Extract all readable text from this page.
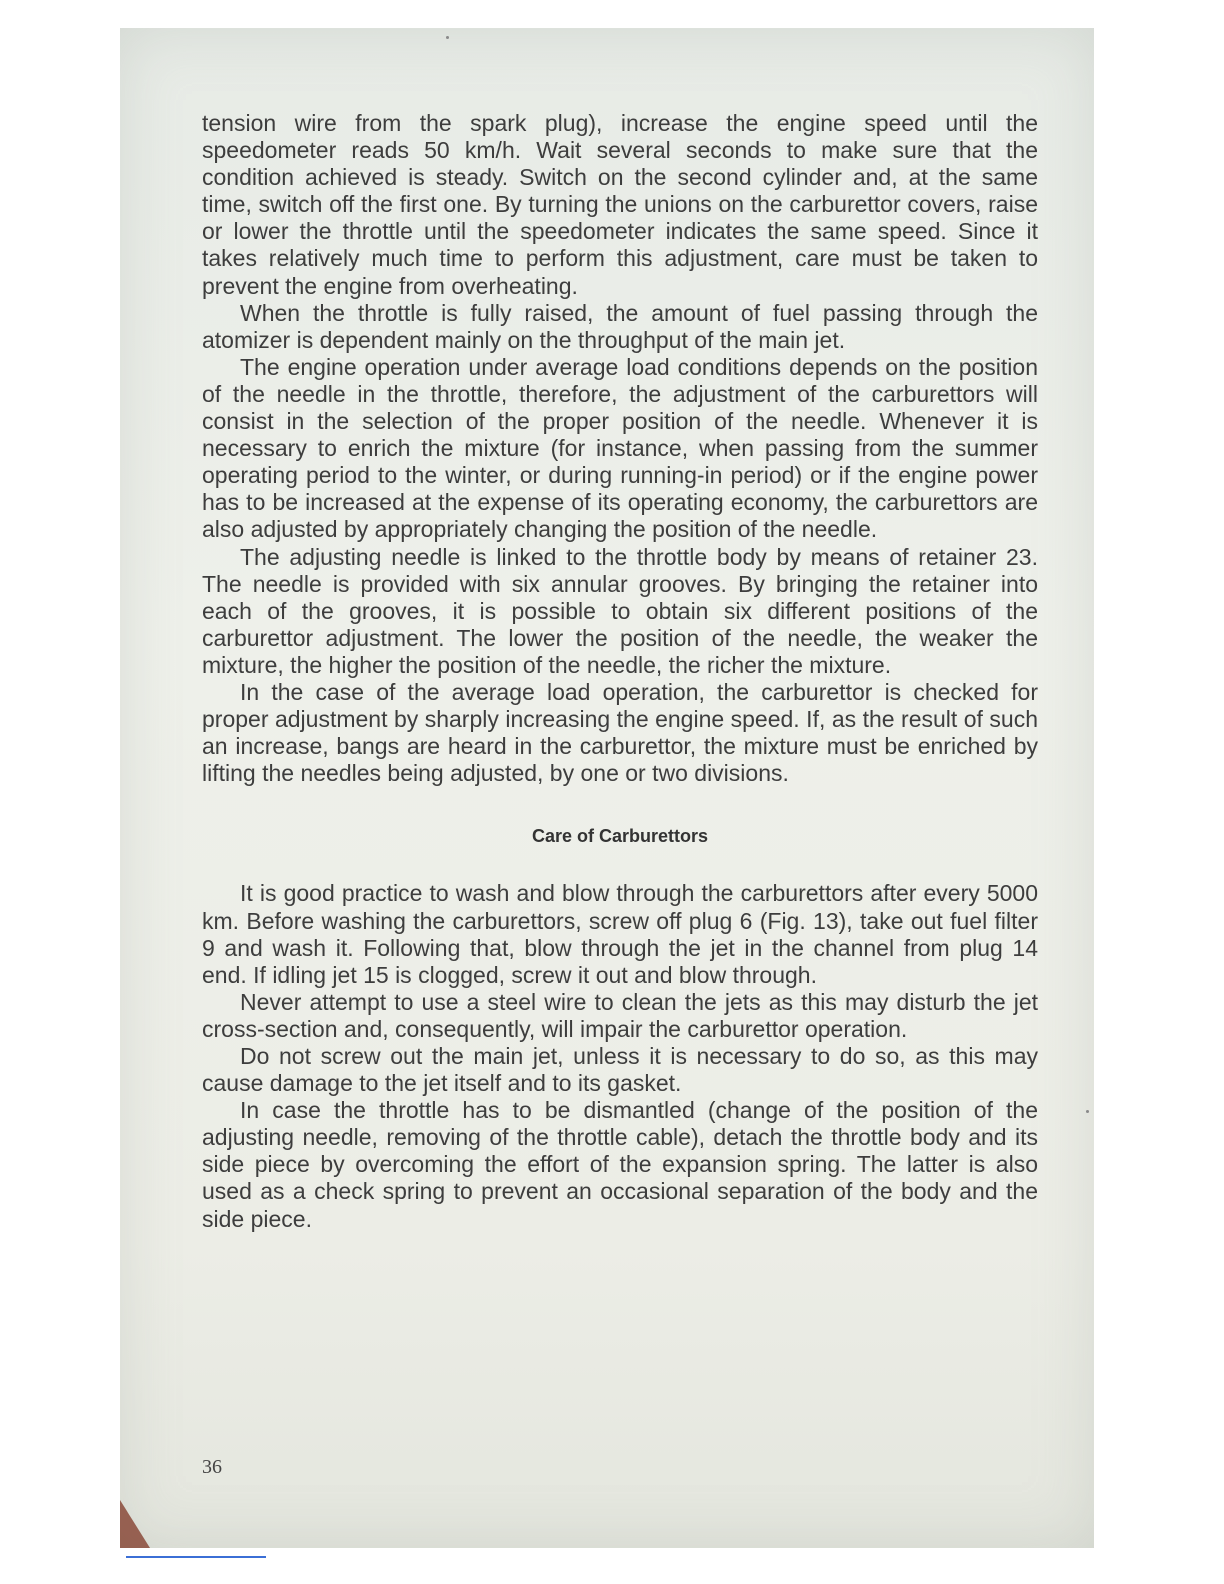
tension wire from the spark plug), increase the engine speed until the speedometer reads 50 km/h. Wait several seconds to make sure that the condition achieved is steady. Switch on the second cylinder and, at the same time, switch off the first one. By turning the unions on the carburettor covers, raise or lower the throttle until the speedometer indicates the same speed. Since it takes relatively much time to perform this adjustment, care must be taken to prevent the engine from overheating.

When the throttle is fully raised, the amount of fuel passing through the atomizer is dependent mainly on the throughput of the main jet.

The engine operation under average load conditions depends on the position of the needle in the throttle, therefore, the adjustment of the carburettors will consist in the selection of the proper position of the needle. Whenever it is necessary to enrich the mixture (for instance, when passing from the summer operating period to the winter, or during running-in period) or if the engine power has to be increased at the expense of its operating economy, the carburettors are also adjusted by appropriately changing the position of the needle.

The adjusting needle is linked to the throttle body by means of retainer 23. The needle is provided with six annular grooves. By bringing the retainer into each of the grooves, it is possible to obtain six different positions of the carburettor adjustment. The lower the position of the needle, the weaker the mixture, the higher the position of the needle, the richer the mixture.

In the case of the average load operation, the carburettor is checked for proper adjustment by sharply increasing the engine speed. If, as the result of such an increase, bangs are heard in the carburettor, the mixture must be enriched by lifting the needles being adjusted, by one or two divisions.

Care of Carburettors

It is good practice to wash and blow through the carburettors after every 5000 km. Before washing the carburettors, screw off plug 6 (Fig. 13), take out fuel filter 9 and wash it. Following that, blow through the jet in the channel from plug 14 end. If idling jet 15 is clogged, screw it out and blow through.

Never attempt to use a steel wire to clean the jets as this may disturb the jet cross-section and, consequently, will impair the carburettor operation.

Do not screw out the main jet, unless it is necessary to do so, as this may cause damage to the jet itself and to its gasket.

In case the throttle has to be dismantled (change of the position of the adjusting needle, removing of the throttle cable), detach the throttle body and its side piece by overcoming the effort of the expansion spring. The latter is also used as a check spring to prevent an occasional separation of the body and the side piece.

36
